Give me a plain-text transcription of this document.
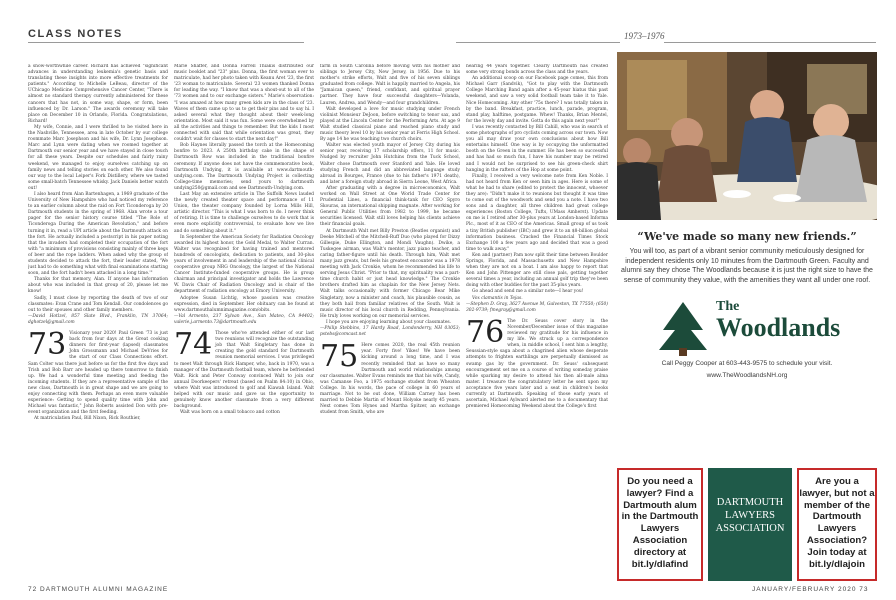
CLASS NOTES	1973–1976

a snow-worthwhile career. Richard has achieved "significant advances in understanding leukemia's genetic basis and translating these insights into more effective treatments for patients." According to Michelle LeBeau, director of the UChicago Medicine Comprehensive Cancer Center, "There is almost no standard therapy currently administered for these cancers that has not, in some way, shape, or form, been influenced by Dr. Larson." The awards ceremony will take place on December 10 in Orlando, Florida. Congratulations, Richard!

My wife, Connie, and I were thrilled to be visited here in the Nashville, Tennessee, area in late October by our college roommate Marc Josephson and his wife, Dr. Lynn Josephson. Marc and Lynn were dating when we roomed together at Dartmouth our senior year and we have stayed in close touch for all these years. Despite our schedules and fairly rainy weekend, we managed to enjoy ourselves catching up on family news and telling stories on each other. We also found our way to the local Leiper's Fork Distillery, where we tasted some small-batch Tennessee whisky. Jack Daniels better watch out!

I also heard from Alan Bartenhagen, a 1969 graduate of the University of New Hampshire who had noticed my reference to an earlier column about the raid on Fort Ticonderoga by 20 Dartmouth students in the spring of 1968. Alan wrote a tour pager for the senior history course titled "The Role of Ticonderoga During the American Revolution," and before turning it in, read a UPI article about the Dartmouth attack on the fort. He actually included a postscript in his paper noting that the invaders had completed their occupation of the fort with "a minimum of provisions consisting mainly of three kegs of beer and the rope ladders. When asked why the group of students decided to attack the fort, their leader stated, 'We just had to do something what with final examinations starting soon, and the fort hadn't been attacked in a long time.'"

Thanks for that memory, Alan. If anyone has information about who was included in that group of 20, please let me know!

Sadly, I must close by reporting the death of two of our classmates: Evan Crane and Tom Kendall. Our condolences go out to their spouses and other family members.

—David Hotlzel, 857 Slate Blvd., Franklin, TN 37064; dghotzel@gmail.com

73 Visionary year 2020! Paul Green '73 is just back from four days at the Great cooking dinners for first-year (lapsed) classmates John Grossmann and Michael DeVries for the start of our Class Connections effort. Sam Colter was there just before us for the first five days and Trish and Bob Barr are headed up there tomorrow to finish up. We had a wonderful time meeting and feeding the incoming students. If they are a representative sample of the new class, Dartmouth is in great shape and we are going to enjoy connecting with them. Perhaps an even more valuable experience: Getting to spend quality time with John and Michael was fantastic," John Roberts assisted Don with pre-event organization and the first feeding.

At matriculation Paul, Bill Nixon, Rick Routhier,

Marie Shaffer, and Donna Farrell Thiakis distributed our music booklet and "23" pins. Donna, the first woman ever to matriculate, had her photo taken with Keanu Aret '23, the first '23 woman to matriculate. Several '23 women thanked Donna for leading the way. "I know that was a shout-out to all of the '73 women and to our exchange sisters." Marie's observation: "I was amazed at how many green kids are in the class of '23. Waves of them came up to us to get their pins and to say hi. I asked several what they thought about their week-long orientation. Most said it was fun. Some were overwhelmed by all the activities and things to remember. But the kids I most connected with said that while orientation was great, they couldn't wait for classes to start the next day!"

Bob Haynes literally passed the torch at the Homecoming bonfire to 2023. A 250th birthday cake in the shape of Dartmouth Row was included in the traditional bonfire ceremony. If anyone does not have the commemorative book, Dartmouth Undying, it is available at www.dartmouth-undying.com. The Dartmouth Undying Project is collecting College-time memories; send yours to dartmouth undying250@gmail.com and see Dartmouth-Undying.com.

Last May an extensive article in The Suffolk News lauded the newly created theater space and performance of 11 Union, the theater company founded by Lorna Mills Hill, artistic director. "This is what I was born to do. I never think of retiring. It is time to challenge ourselves to do work that is even more explicitly controversial, to evaluate how we live and do something about it."

In September the American Society for Radiation Oncology awarded its highest honor, the Gold Medal, to Walter Curran. Walter was recognized for having trained and mentored hundreds of oncologists, dedication to patients, and 30-plus years of involvement in and leadership of the national clinical cooperative group NRG Oncology, the largest of the National Cancer Institute-funded cooperative groups. He is group chairman and principal investigator and holds the Lawrence W. Davis Chair of Radiation Oncology and is chair of the department of radiation oncology at Emory University.

Adoptee Susan Lichtig, whose passion was creative expression, died in September. Her obituary can be found at www.dartmouthalumnimagazine.com/obits.

—Val Armento, 237 Sylvan Ave., San Mateo, CA 94402; valerie.j.armento.73@dartmouth.edu

74 Those who've attended either of our last two reunions will recognize the outstanding job that Walt Singletary has done in creating the gold standard for Dartmouth reunion memorial services. I was privileged to meet Walt through Rick Hamper, who, back in 1970, was a manager of the Dartmouth football team, where he befriended Walt. Rick and Peter Conway convinced Walt to join our annual Doorkeepers' retreat (based on Psalm 84:10) in Ohio, where Walt was introduced to golf and Kiawah Island. Walt helped with our music and gave us the opportunity to genuinely know another classmate from a very different background.

Walt was born on a small tobacco and cotton

farm in South Carolina before moving with his mother and siblings to Jersey City, New Jersey, in 1956. Due to his mother's strike efforts, Walt and five of his seven siblings graduated from college. Walt is happily married to Angela, his "Jamaican queen," friend, confidant, and spiritual prayer partner. They have four successful daughters—Yolanda, Lauren, Andrea, and Wendy—and four grandchildren.

Walt developed a love for music studying under French violinist Monsieur DeJoon, before switching to tenor sax, and played at the Lincoln Center for the Performing Arts. At age 9 Walt studied classical piano and reached piano study and music theory level 10 by his senior year at Ferris High School. By age 14 he was teaching two church choirs.

Walter was elected youth mayor of Jersey City during his senior year, receiving 17 scholarship offers, 11 for music. Nudged by recruiter John Hutchins from the Tuck School, Walter chose Dartmouth over Stanford and Yale. He loved studying French and did an abbreviated language study abroad in Bourges, France (due to his father's 1971 death), and later a foreign study abroad in Sierra Leone, West Africa.

After graduating with a degree in microeconomics, Walt worked on Wall Street at One World Trade Center for Prudential Lines, a financial think-tank for CEO Spyro Skouras, an international shipping magnate. After working for General Public Utilities from 1982 to 1999, he became securities licensed. Walt still loves helping his clients achieve their financial goals.

At Dartmouth Walt met Billy Preston (Beatles organist) and Deeke Mitchell of the Mitchell-Ruff Duo (who played for Dizzy Gillespie, Duke Ellington, and Mondi Vaughn). Dwike, a Tuskegee airman, was Walt's mentor, jazz piano teacher, and caring father-figure until his death. Through him, Walt met many jazz greats, but feels his greatest encounter was a 1978 meeting with Jack Cronkie, whom he recommended his life to serving Jesus Christ. "Prior to that, my spirituality was a part-time church habit or just head knowledge." The Cronkie brothers drafted him as chaplain for the New Jersey Nets. Walt talks occasionally with former Chicago Bear Mike Singletary, now a minister and coach, his plausible cousin, as they both hail from familiar relatives of the South. Walt is music director of his local church in Redding, Pennsylvania. He truly loves working on our memorial services.

I hope you are enjoying learning about your classmates.

—Philip Stebbins, 17 Hardy Road, Londonderry, NH 03053; pstebs@comcast.net

75 Here comes 2020, the real 45th reunion year. Forty five! Yikes! We have been kicking around a long time, and I was recently reminded that as have so many Dartmouth and world relationships among our classmates. Walter Evans reminds me that his wife, Candy, was Camanse Foo, a 1975 exchange student from Wheaton College. In his words, the pace of college in 60 years of marriage. Not to be out done, William Carney has been married to Debbie Martin of Mount Holyoke nearly 45 years. Next comes Tom Hynes and Martha Spitzer, an exchange student from Smith, who are

nearing 44 years together. Clearly Dartmouth has created some very strong bonds across the class and the years.

An additional scoop on our Facebook page comes, this from Michael Garr (Sandvik), "Got to play with the Dartmouth College Marching Band again after a 45-year hiatus this past weekend, and saw a very solid football team take it to Yale. Nice Homecoming. Any other '75s there? I was totally taken in by the band. Breakfast, practice, lunch, parade, program, stand play, halftime, postgame. Whew! Thanks, Brian Mentel, for the lovely day and invite. Gotta do this again next year!"

I was recently contacted by Bill Cahill, who was in search of some photographs of pro cyclists coming across our town. Now you all may draw your own conclusions about how Bill entertains himself. One way is by occupying the unformatted booth on the Green in the summer. He has been so successful and has had so much fun, I have his number may be retired and I would not be surprised to see his green-check shirt hanging in the rafters of the Hop at some point.

Finally, I received a very welcome note from Ken Noble. I had not heard from Ken or seen him in ages. Here is some of what he had to share (edited to protect the innocent, whoever they are): "Didn't make it to reunions but thought it was time to come out of the woodwork and send you a note. I have two sons and a daughter, all three children had great college experiences (Boston College, Tufts, UMass Amherst). Update on me is I retired after 30-plus years at London-based Informa Plc., most of it as CEO of the Americas. Small group of us took a tiny British publisher (IBC) and grew it to an $8-billion global information business. Cracked the Financial Times Stock Exchange 100 a few years ago and decided that was a good time to walk away."

Ken and (partner) Pam now split their time between Boulder Springs, Florida, and Massachusetts and New Hampshire when they are not on a boat. I am also happy to report that Ken and John Pittenger are still close pals, getting together several times a year, including an annual golf trip they've been doing with other buddies for the past 35-plus years.

Go ahead and send me a similar note—I hear you!

Vox clamantis in Tejas.

—Stephen D. Gray, 3627 Avenue M, Galveston, TX 77550; (650) 302-9739; fmegray@gmail.com

76 The Dr. Seuss cover story in the November/December issue of this magazine reviewed my gratitude for his influence in my life. We struck up a correspondence when, in middle school, I sent him a lengthy, Seussian-style saga about a chagrined alien whose desperate attempts to frighten earthlings are perpetually dismissed as swamp gas by the government. Dr. Seuss' subsequent encouragement set me on a course of writing someday praise while sparking my desire to attend his then all-male alma mater. I treasure the congratulatory letter he sent upon my acceptance five years later and a seat in children's books currently at Dartmouth. Speaking of those early years of ascertain, Michael Aylward alerted me to a documentary that premiered Homecoming Weekend about the College's first

“We've made so many new friends.”
You will too, as part of a vibrant senior community meticulously designed for independent residents only 10 minutes from the Dartmouth Green. Faculty and alumni say they chose The Woodlands because it is just the right size to have the sense of community they value, with the amenities they want all under one roof.
The
Woodlands
Call Peggy Cooper at 603-443-9575 to schedule your visit.
www.TheWoodlandsNH.org
Do you need a lawyer? Find a Dartmouth alum in the Dartmouth Lawyers Association directory at bit.ly/dlafind
DARTMOUTH LAWYERS ASSOCIATION
Are you a lawyer, but not a member of the Dartmouth Lawyers Association? Join today at bit.ly/dlajoin
72 DARTMOUTH ALUMNI MAGAZINE	JANUARY/FEBRUARY 2020 73
